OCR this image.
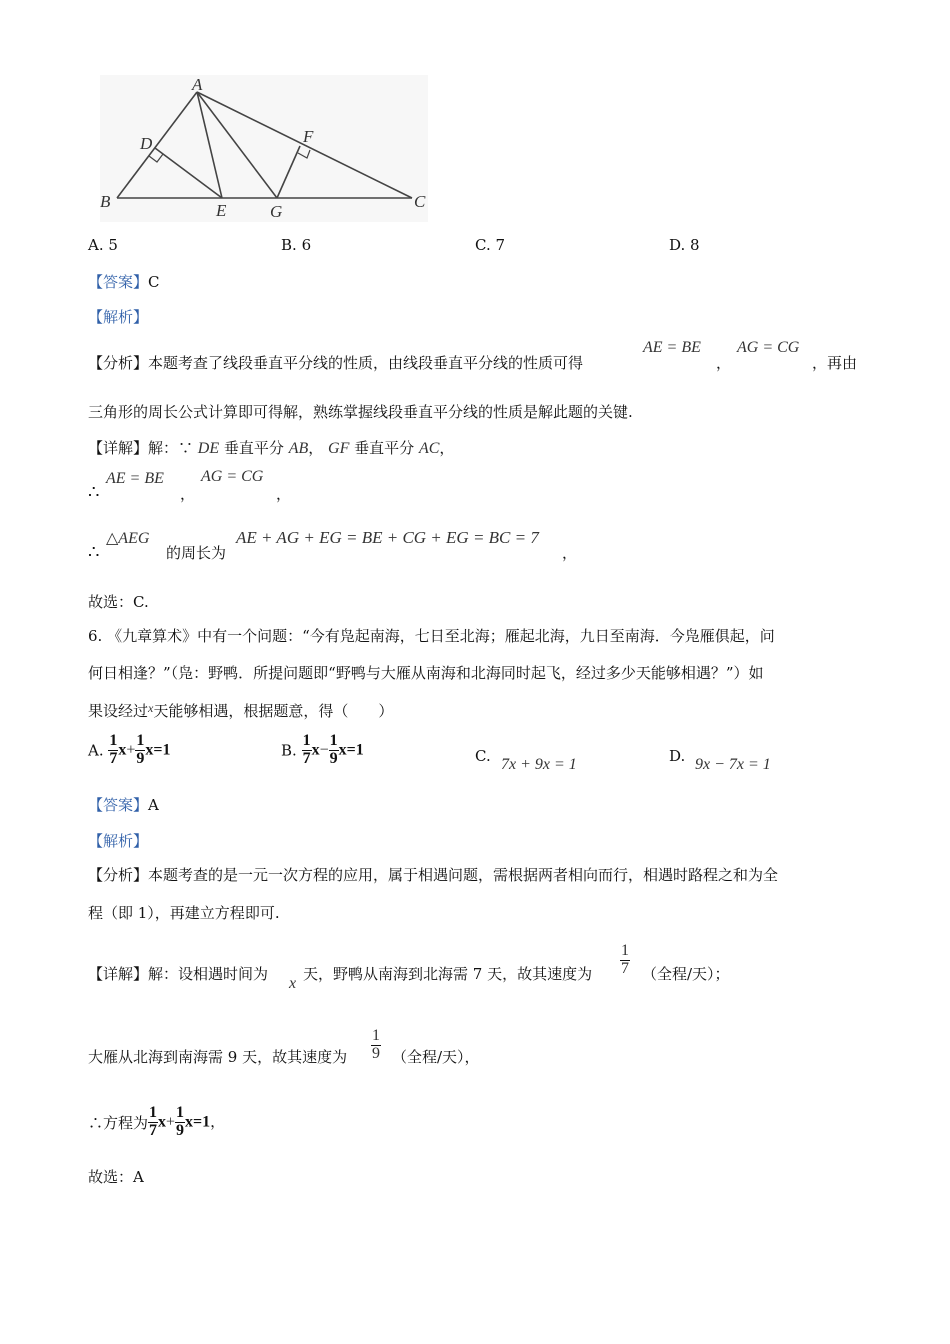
A
B	C
D
E
F
G
A. 5	B. 6	C. 7	D. 8
【答案】C
【解析】
【分析】本题考查了线段垂直平分线的性质，由线段垂直平分线的性质可得
AE = BE
，
AG = CG
，再由
三角形的周长公式计算即可得解，熟练掌握线段垂直平分线的性质是解此题的关键.
【详解】解：∵ DE 垂直平分 AB， GF 垂直平分 AC，
∴
AE = BE
，
AG = CG
，
∴
△AEG
的周长为
AE + AG + EG = BE + CG + EG = BC = 7
，
故选：C.
6. 《九章算术》中有一个问题：“今有凫起南海，七日至北海；雁起北海，九日至南海．今凫雁俱起，问
何日相逢？”（凫：野鸭．所提问题即“野鸭与大雁从南海和北海同时起飞，经过多少天能够相遇？”）如
果设经过$^x$天能够相遇，根据题意，得（　　）
A. $\frac{1}{7} x+ \frac{1}{9} x=1$	B. $\frac{1}{7} x- \frac{1}{9} x=1$	C. 7x + 9x = 1	D. 9x − 7x = 1
【答案】A
【解析】
【分析】本题考查的是一元一次方程的应用，属于相遇问题，需根据两者相向而行，相遇时路程之和为全
程（即 1），再建立方程即可.
【详解】解：设相遇时间为
x
天，野鸭从南海到北海需 7 天，故其速度为 $\frac{1}{7}$ （全程/天）；
大雁从北海到南海需 9 天，故其速度为 $\frac{1}{9}$ （全程/天），
∴方程为 $\frac{1}{7} x+ \frac{1}{9} x=1$，
故选：A
